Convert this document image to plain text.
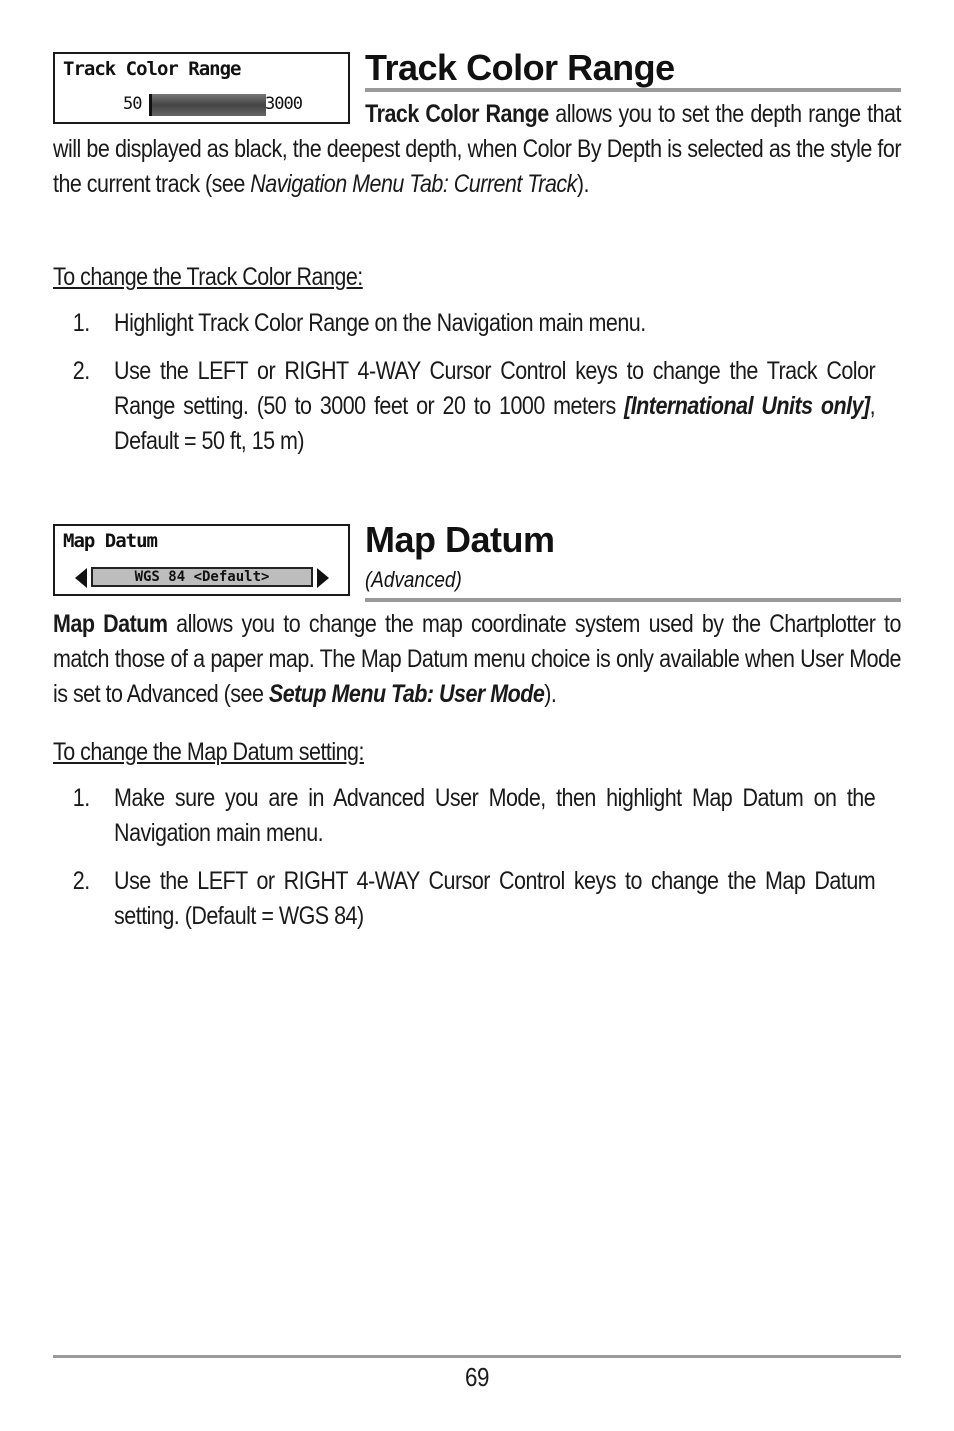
Track Color Range
50	3000
Track Color Range
Track Color Range allows you to set the depth range that will be displayed as black, the deepest depth, when Color By Depth is selected as the style for the current track (see Navigation Menu Tab: Current Track).
To change the Track Color Range:
1. Highlight Track Color Range on the Navigation main menu.
2. Use the LEFT or RIGHT 4-WAY Cursor Control keys to change the Track Color Range setting. (50 to 3000 feet or 20 to 1000 meters [International Units only], Default = 50 ft, 15 m)
Map Datum
WGS 84 <Default>
Map Datum
(Advanced)
Map Datum allows you to change the map coordinate system used by the Chartplotter to match those of a paper map. The Map Datum menu choice is only available when User Mode is set to Advanced (see Setup Menu Tab: User Mode).
To change the Map Datum setting:
1. Make sure you are in Advanced User Mode, then highlight Map Datum on the Navigation main menu.
2. Use the LEFT or RIGHT 4-WAY Cursor Control keys to change the Map Datum setting. (Default = WGS 84)
69
